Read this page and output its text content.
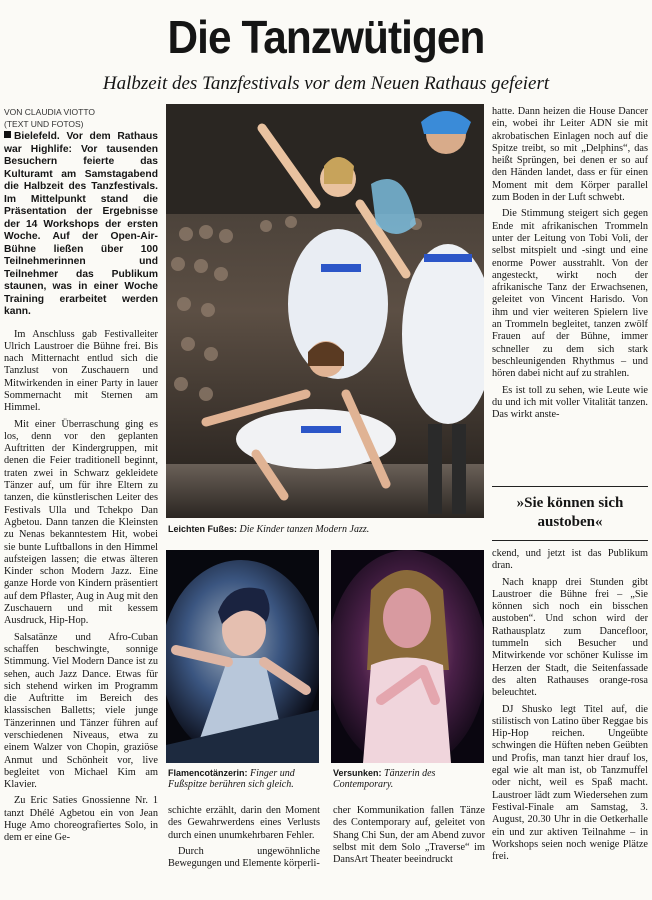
Die Tanzwütigen
Halbzeit des Tanzfestivals vor dem Neuen Rathaus gefeiert
VON CLAUDIA VIOTTO
(TEXT UND FOTOS)

Bielefeld. Vor dem Rathaus war Highlife: Vor tausenden Besuchern feierte das Kulturamt am Samstagabend die Halbzeit des Tanzfestivals. Im Mittelpunkt stand die Präsentation der Ergebnisse der 14 Workshops der ersten Woche. Auf der Open-Air-Bühne ließen über 100 Teilnehmerinnen und Teilnehmer das Publikum staunen, was in einer Woche Training erarbeitet werden kann.

Im Anschluss gab Festivalleiter Ulrich Laustroer die Bühne frei. Bis nach Mitternacht entlud sich die Tanzlust von Zuschauern und Mitwirkenden in einer Party in lauer Sommernacht mit Sternen am Himmel.

Mit einer Überraschung ging es los, denn vor den geplanten Auftritten der Kindergruppen, mit denen die Feier traditionell beginnt, traten zwei in Schwarz gekleidete Tänzer auf, um für ihre Eltern zu tanzen, die künstlerischen Leiter des Festivals Ulla und Tchekpo Dan Agbetou. Dann tanzen die Kleinsten zu Nenas bekanntestem Hit, wobei sie bunte Luftballons in den Himmel aufsteigen lassen; die etwas älteren Kinder schon Modern Jazz. Eine ganze Horde von Kindern präsentiert auf dem Pflaster, Aug in Aug mit den Zuschauern und mit kessem Ausdruck, Hip-Hop.

Salsatänze und Afro-Cuban schaffen beschwingte, sonnige Stimmung. Viel Modern Dance ist zu sehen, auch Jazz Dance. Etwas für sich stehend wirken im Programm die Auftritte im Bereich des klassischen Balletts; viele junge Tänzerinnen und Tänzer führen auf verschiedenen Niveaus, etwa zu einem Walzer von Chopin, graziöse Anmut und Schönheit vor, live begleitet von Michael Kim am Klavier.

Zu Eric Saties Gnossienne Nr. 1 tanzt Dhélé Agbetou ein von Jean Huge Amo choreografiertes Solo, in dem er eine Ge-

Leichten Fußes: Die Kinder tanzen Modern Jazz.
Flamencotänzerin: Finger und Fußspitze berühren sich gleich.
Versunken: Tänzerin des Contemporary.

schichte erzählt, darin den Moment des Gewahrwerdens eines Verlusts durch einen unumkehrbaren Fehler.

Durch ungewöhnliche Bewegungen und Elemente körperli-

cher Kommunikation fallen Tänze des Contemporary auf, geleitet von Shang Chi Sun, der am Abend zuvor selbst mit dem Solo „Traverse“ im DansArt Theater beeindruckt

hatte. Dann heizen die House Dancer ein, wobei ihr Leiter ADN sie mit akrobatischen Einlagen noch auf die Spitze treibt, so mit „Delphins“, das heißt Sprüngen, bei denen er so auf den Händen landet, dass er für einen Moment mit dem Körper parallel zum Boden in der Luft schwebt.

Die Stimmung steigert sich gegen Ende mit afrikanischen Trommeln unter der Leitung von Tobi Voli, der selbst mitspielt und -singt und eine enorme Power ausstrahlt. Von der angesteckt, wirkt noch der afrikanische Tanz der Erwachsenen, geleitet von Vincent Harisdo. Von ihm und vier weiteren Spielern live an Trommeln begleitet, tanzen zwölf Frauen auf der Bühne, immer schneller zu dem sich stark beschleunigenden Rhythmus – und hören dabei nicht auf zu strahlen.

Es ist toll zu sehen, wie Leute wie du und ich mit voller Vitalität tanzen. Das wirkt anste-

»Sie können sich austoben«

ckend, und jetzt ist das Publikum dran.

Nach knapp drei Stunden gibt Laustroer die Bühne frei – „Sie können sich noch ein bisschen austoben“. Und schon wird der Rathausplatz zum Dancefloor, tummeln sich Besucher und Mitwirkende vor schöner Kulisse im Herzen der Stadt, die Seitenfassade des alten Rathauses orange-rosa beleuchtet.

DJ Shusko legt Titel auf, die stilistisch von Latino über Reggae bis Hip-Hop reichen. Ungeübte schwingen die Hüften neben Geübten und Profis, man tanzt hier drauf los, egal wie alt man ist, ob Tanzmuffel oder nicht, weil es Spaß macht. Laustroer lädt zum Wiedersehen zum Festival-Finale am Samstag, 3. August, 20.30 Uhr in die Oetkerhalle ein und zur aktiven Teilnahme – in Workshops seien noch wenige Plätze frei.
